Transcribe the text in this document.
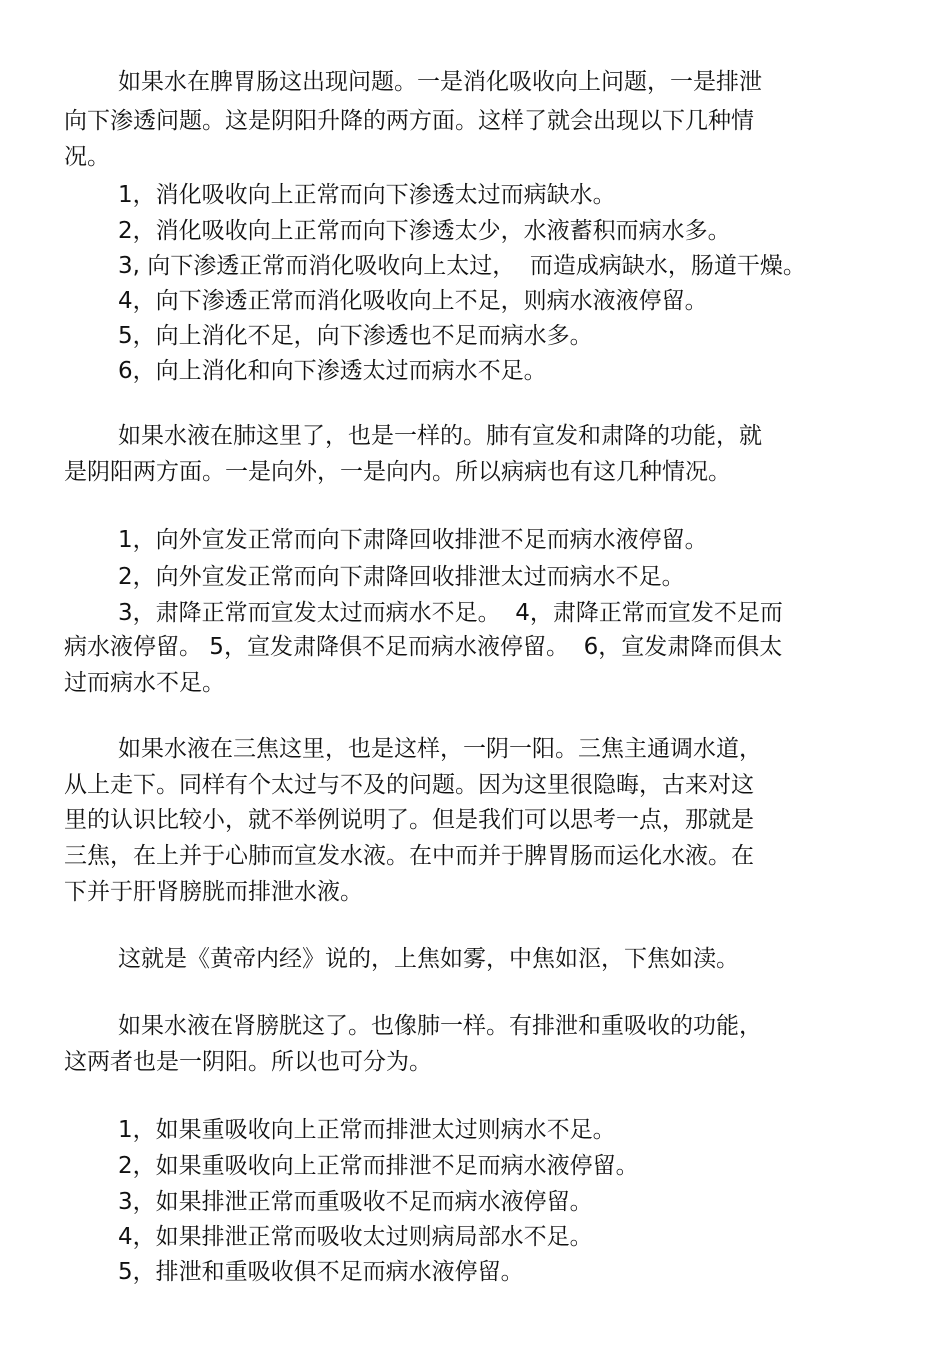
如果水在脾胃肠这出现问题。一是消化吸收向上问题，一是排泄
向下渗透问题。这是阴阳升降的两方面。这样了就会出现以下几种情
况。
1，消化吸收向上正常而向下渗透太过而病缺水。
2，消化吸收向上正常而向下渗透太少，水液蓄积而病水多。
3, 向下渗透正常而消化吸收向上太过，  而造成病缺水，肠道干燥。
4，向下渗透正常而消化吸收向上不足，则病水液液停留。
5，向上消化不足，向下渗透也不足而病水多。
6，向上消化和向下渗透太过而病水不足。
如果水液在肺这里了，也是一样的。肺有宣发和肃降的功能，就
是阴阳两方面。一是向外，一是向内。所以病病也有这几种情况。
1，向外宣发正常而向下肃降回收排泄不足而病水液停留。
2，向外宣发正常而向下肃降回收排泄太过而病水不足。
3，肃降正常而宣发太过而病水不足。  4，肃降正常而宣发不足而
病水液停留。 5，宣发肃降俱不足而病水液停留。  6，宣发肃降而俱太
过而病水不足。
如果水液在三焦这里，也是这样，一阴一阳。三焦主通调水道，
从上走下。同样有个太过与不及的问题。因为这里很隐晦，古来对这
里的认识比较小，就不举例说明了。但是我们可以思考一点，那就是
三焦，在上并于心肺而宣发水液。在中而并于脾胃肠而运化水液。在
下并于肝肾膀胱而排泄水液。
这就是《黄帝内经》说的，上焦如雾，中焦如沤，下焦如渎。
如果水液在肾膀胱这了。也像肺一样。有排泄和重吸收的功能，
这两者也是一阴阳。所以也可分为。
1，如果重吸收向上正常而排泄太过则病水不足。
2，如果重吸收向上正常而排泄不足而病水液停留。
3，如果排泄正常而重吸收不足而病水液停留。
4，如果排泄正常而吸收太过则病局部水不足。
5，排泄和重吸收俱不足而病水液停留。
